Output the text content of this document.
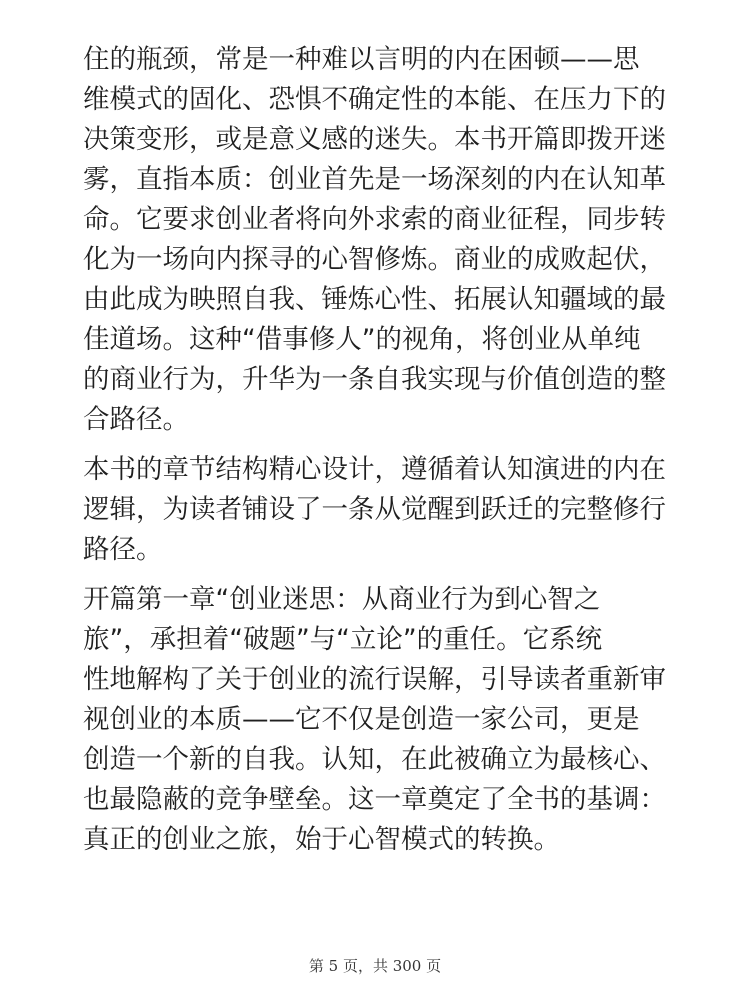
住的瓶颈，常是一种难以言明的内在困顿——思
维模式的固化、恐惧不确定性的本能、在压力下的
决策变形，或是意义感的迷失。本书开篇即拨开迷
雾，直指本质：创业首先是一场深刻的内在认知革
命。它要求创业者将向外求索的商业征程，同步转
化为一场向内探寻的心智修炼。商业的成败起伏，
由此成为映照自我、锤炼心性、拓展认知疆域的最
佳道场。这种“借事修人”的视角，将创业从单纯
的商业行为，升华为一条自我实现与价值创造的整
合路径。

本书的章节结构精心设计，遵循着认知演进的内在
逻辑，为读者铺设了一条从觉醒到跃迁的完整修行
路径。

开篇第一章“创业迷思：从商业行为到心智之
旅”，承担着“破题”与“立论”的重任。它系统
性地解构了关于创业的流行误解，引导读者重新审
视创业的本质——它不仅是创造一家公司，更是
创造一个新的自我。认知，在此被确立为最核心、
也最隐蔽的竞争壁垒。这一章奠定了全书的基调：
真正的创业之旅，始于心智模式的转换。

第 5 页，共 300 页
